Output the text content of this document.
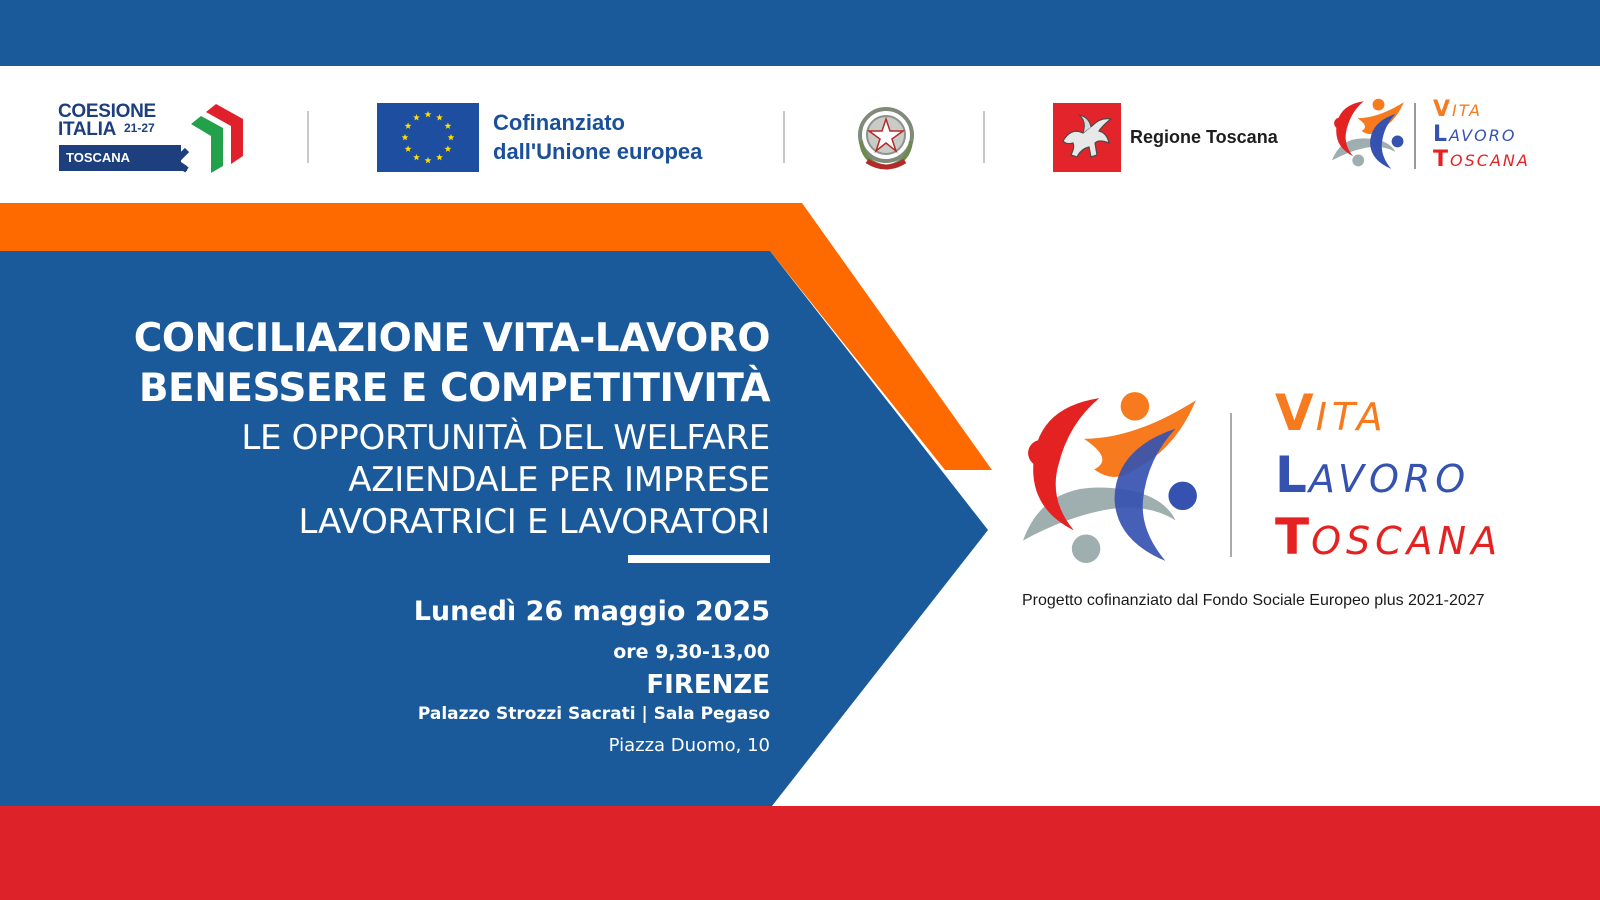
COESIONE
ITALIA 21-27
TOSCANA
Cofinanziato
dall'Unione europea
Regione Toscana
VITA
LAVORO
TOSCANA
CONCILIAZIONE VITA-LAVORO
BENESSERE E COMPETITIVITÀ
LE OPPORTUNITÀ DEL WELFARE
AZIENDALE PER IMPRESE
LAVORATRICI E LAVORATORI
Lunedì 26 maggio 2025
ore 9,30-13,00
FIRENZE
Palazzo Strozzi Sacrati | Sala Pegaso
Piazza Duomo, 10
VITA
LAVORO
TOSCANA
Progetto cofinanziato dal Fondo Sociale Europeo plus 2021-2027
